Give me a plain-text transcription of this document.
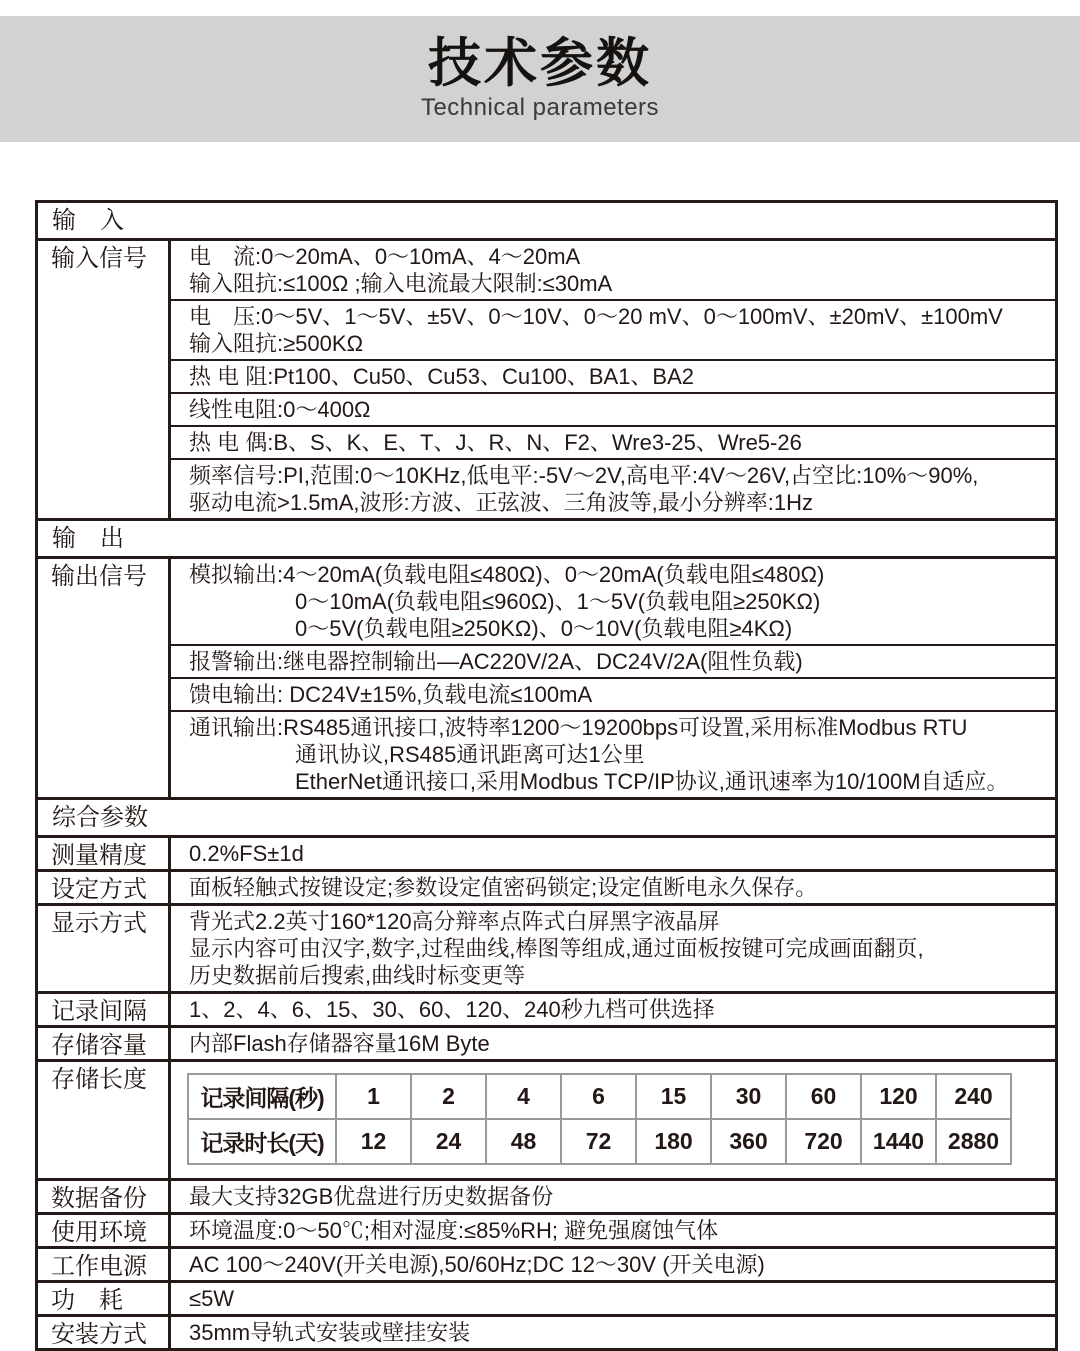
技术参数
Technical parameters
输　入
输入信号	电　流:0～20mA、0～10mA、4～20mA
输入阻抗:≤100Ω ;输入电流最大限制:≤30mA
电　压:0～5V、1～5V、±5V、0～10V、0～20 mV、0～100mV、±20mV、±100mV
输入阻抗:≥500KΩ
热 电 阻:Pt100、Cu50、Cu53、Cu100、BA1、BA2
线性电阻:0～400Ω
热 电 偶:B、S、K、E、T、J、R、N、F2、Wre3-25、Wre5-26
频率信号:PI,范围:0～10KHz,低电平:-5V～2V,高电平:4V～26V,占空比:10%～90%,
驱动电流>1.5mA,波形:方波、正弦波、三角波等,最小分辨率:1Hz
输　出
输出信号	模拟输出:4～20mA(负载电阻≤480Ω)、0～20mA(负载电阻≤480Ω)
0～10mA(负载电阻≤960Ω)、1～5V(负载电阻≥250KΩ)
0～5V(负载电阻≥250KΩ)、0～10V(负载电阻≥4KΩ)
报警输出:继电器控制输出—AC220V/2A、DC24V/2A(阻性负载)
馈电输出: DC24V±15%,负载电流≤100mA
通讯输出:RS485通讯接口,波特率1200～19200bps可设置,采用标准Modbus RTU
通讯协议,RS485通讯距离可达1公里
EtherNet通讯接口,采用Modbus TCP/IP协议,通讯速率为10/100M自适应。
综合参数
测量精度	0.2%FS±1d
设定方式	面板轻触式按键设定;参数设定值密码锁定;设定值断电永久保存。
显示方式	背光式2.2英寸160*120高分辩率点阵式白屏黑字液晶屏
显示内容可由汉字,数字,过程曲线,棒图等组成,通过面板按键可完成画面翻页,
历史数据前后搜索,曲线时标变更等
记录间隔	1、2、4、6、15、30、60、120、240秒九档可供选择
存储容量	内部Flash存储器容量16M Byte
存储长度
记录间隔(秒)	1	2	4	6	15	30	60	120	240
记录时长(天)	12	24	48	72	180	360	720	1440	2880
数据备份	最大支持32GB优盘进行历史数据备份
使用环境	环境温度:0～50℃;相对湿度:≤85%RH; 避免强腐蚀气体
工作电源	AC 100～240V(开关电源),50/60Hz;DC 12～30V (开关电源)
功　耗	≤5W
安装方式	35mm导轨式安装或壁挂安装
